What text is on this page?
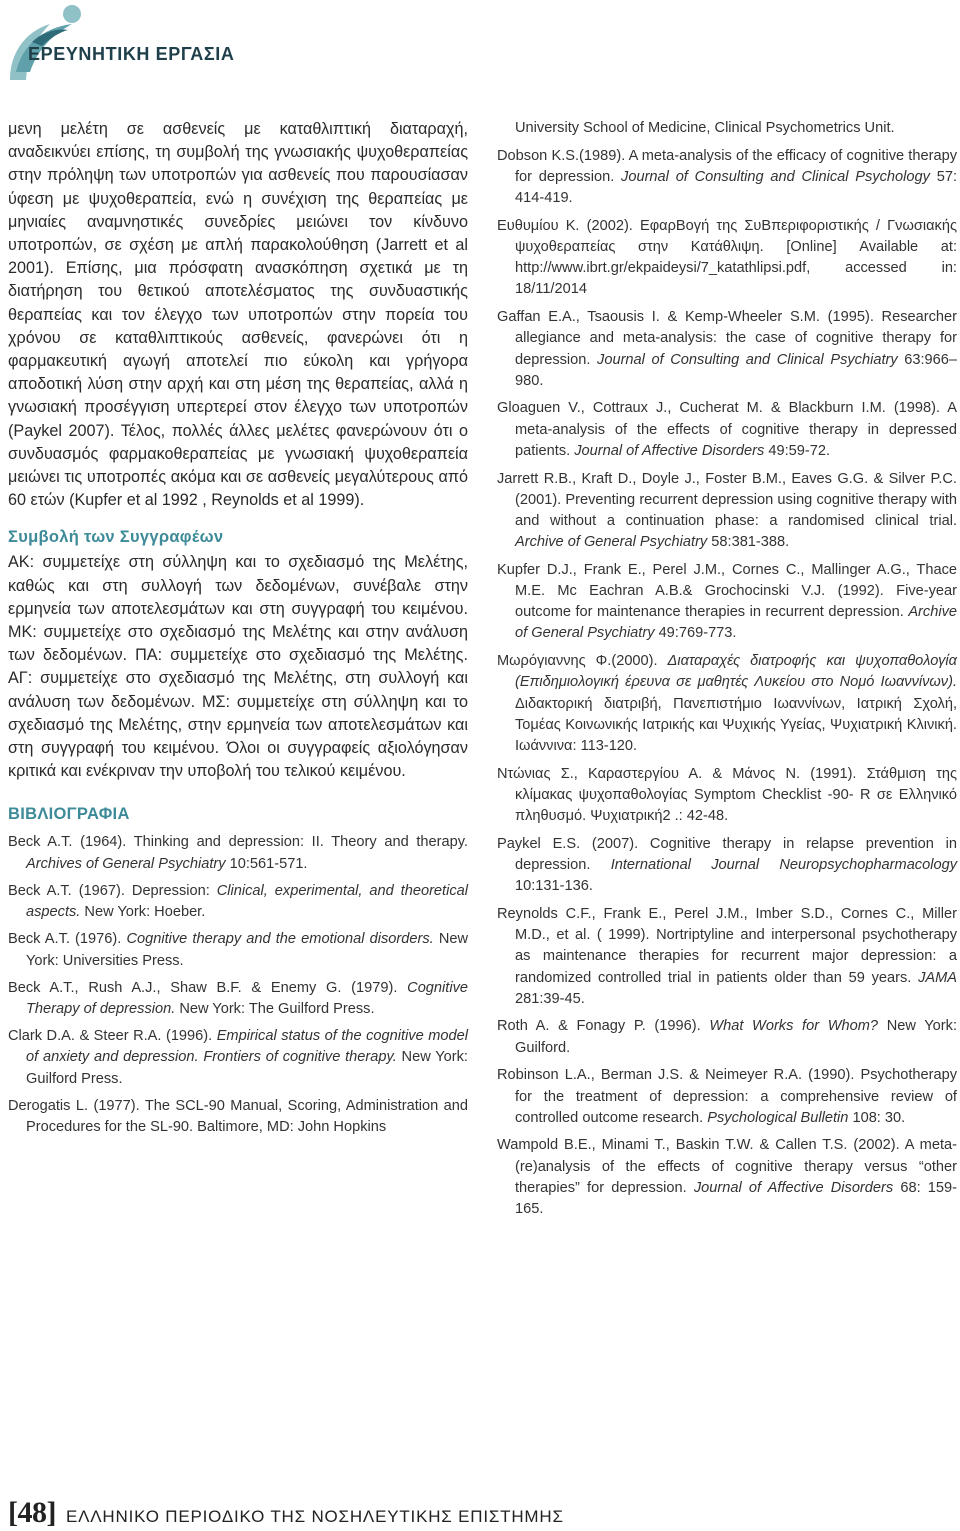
ΕΡΕΥΝΗΤΙΚΗ ΕΡΓΑΣΙΑ

μενη μελέτη σε ασθενείς με καταθλιπτική διαταραχή, αναδεικνύει επίσης, τη συμβολή της γνωσιακής ψυχοθεραπείας στην πρόληψη των υποτροπών για ασθενείς που παρουσίασαν ύφεση με ψυχοθεραπεία, ενώ η συνέχιση της θεραπείας με μηνιαίες αναμνηστικές συνεδρίες μειώνει τον κίνδυνο υποτροπών, σε σχέση με απλή παρακολούθηση (Jarrett et al 2001). Επίσης, μια πρόσφατη ανασκόπηση σχετικά με τη διατήρηση του θετικού αποτελέσματος της συνδυαστικής θεραπείας και τον έλεγχο των υποτροπών στην πορεία του χρόνου σε καταθλιπτικούς ασθενείς, φανερώνει ότι η φαρμακευτική αγωγή αποτελεί πιο εύκολη και γρήγορα αποδοτική λύση στην αρχή και στη μέση της θεραπείας, αλλά η γνωσιακή προσέγγιση υπερτερεί στον έλεγχο των υποτροπών (Paykel 2007). Τέλος, πολλές άλλες μελέτες φανερώνουν ότι ο συνδυασμός φαρμακοθεραπείας με γνωσιακή ψυχοθεραπεία μειώνει τις υποτροπές ακόμα και σε ασθενείς μεγαλύτερους από 60 ετών (Kupfer et al 1992 , Reynolds et al 1999).

Συμβολή των Συγγραφέων

ΑΚ: συμμετείχε στη σύλληψη και το σχεδιασμό της Μελέτης, καθώς και στη συλλογή των δεδομένων, συνέβαλε στην ερμηνεία των αποτελεσμάτων και στη συγγραφή του κειμένου. ΜΚ: συμμετείχε στο σχεδιασμό της Μελέτης και στην ανάλυση των δεδομένων. ΠΑ: συμμετείχε στο σχεδιασμό της Μελέτης. ΑΓ: συμμετείχε στο σχεδιασμό της Μελέτης, στη συλλογή και ανάλυση των δεδομένων. ΜΣ: συμμετείχε στη σύλληψη και το σχεδιασμό της Μελέτης, στην ερμηνεία των αποτελεσμάτων και στη συγγραφή του κειμένου. Όλοι οι συγγραφείς αξιολόγησαν κριτικά και ενέκριναν την υποβολή του τελικού κειμένου.

ΒΙΒΛΙΟΓΡΑΦΙΑ

Beck A.T. (1964). Thinking and depression: II. Theory and therapy. Archives of General Psychiatry 10:561-571.

Beck A.T. (1967). Depression: Clinical, experimental, and theoretical aspects. New York: Hoeber.

Beck A.T. (1976). Cognitive therapy and the emotional disorders. New York: Universities Press.

Beck A.T., Rush A.J., Shaw B.F. & Enemy G. (1979). Cognitive Therapy of depression. New York: The Guilford Press.

Clark D.A. & Steer R.A. (1996). Empirical status of the cognitive model of anxiety and depression. Frontiers of cognitive therapy. New York: Guilford Press.

Derogatis L. (1977). The SCL-90 Manual, Scoring, Administration and Procedures for the SL-90. Baltimore, MD: John Hopkins

University School of Medicine, Clinical Psychometrics Unit.

Dobson K.S.(1989). A meta-analysis of the efficacy of cognitive therapy for depression. Journal of Consulting and Clinical Psychology 57: 414-419.

Ευθυμίου Κ. (2002). ΕφαρΒογή της ΣυΒπεριφοριστικής / Γνωσιακής ψυχοθεραπείας στην Κατάθλιψη. [Online] Available at: http://www.ibrt.gr/ekpaideysi/7_katathlipsi.pdf, accessed in: 18/11/2014

Gaffan E.A., Tsaousis I. & Kemp-Wheeler S.M. (1995). Researcher allegiance and meta-analysis: the case of cognitive therapy for depression. Journal of Consulting and Clinical Psychiatry 63:966–980.

Gloaguen V., Cottraux J., Cucherat M. & Blackburn I.M. (1998). A meta-analysis of the effects of cognitive therapy in depressed patients. Journal of Affective Disorders 49:59-72.

Jarrett R.B., Kraft D., Doyle J., Foster B.M., Eaves G.G. & Silver P.C. (2001). Preventing recurrent depression using cognitive therapy with and without a continuation phase: a randomised clinical trial. Archive of General Psychiatry 58:381-388.

Kupfer D.J., Frank E., Perel J.M., Cornes C., Mallinger A.G., Thace M.E. Mc Eachran A.B.& Grochocinski V.J. (1992). Five-year outcome for maintenance therapies in recurrent depression. Archive of General Psychiatry 49:769-773.

Μωρόγιαννης Φ.(2000). Διαταραχές διατροφής και ψυχοπαθολογία (Επιδημιολογική έρευνα σε μαθητές Λυκείου στο Νομό Ιωαννίνων). Διδακτορική διατριβή, Πανεπιστήμιο Ιωαννίνων, Ιατρική Σχολή, Τομέας Κοινωνικής Ιατρικής και Ψυχικής Υγείας, Ψυχιατρική Κλινική. Ιωάννινα: 113-120.

Ντώνιας Σ., Καραστεργίου Α. & Μάνος Ν. (1991). Στάθμιση της κλίμακας ψυχοπαθολογίας Symptom Checklist -90- R σε Ελληνικό πληθυσμό. Ψυχιατρική2 .: 42-48.

Paykel E.S. (2007). Cognitive therapy in relapse prevention in depression. International Journal Neuropsychopharmacology 10:131-136.

Reynolds C.F., Frank E., Perel J.M., Imber S.D., Cornes C., Miller M.D., et al. ( 1999). Nortriptyline and interpersonal psychotherapy as maintenance therapies for recurrent major depression: a randomized controlled trial in patients older than 59 years. JAMA 281:39-45.

Roth A. & Fonagy P. (1996). What Works for Whom? New York: Guilford.

Robinson L.A., Berman J.S. & Neimeyer R.A. (1990). Psychotherapy for the treatment of depression: a comprehensive review of controlled outcome research. Psychological Bulletin 108: 30.

Wampold B.E., Minami T., Baskin T.W. & Callen T.S. (2002). A meta-(re)analysis of the effects of cognitive therapy versus “other therapies” for depression. Journal of Affective Disorders 68: 159-165.

[48] ΕΛΛΗΝΙΚΟ ΠΕΡΙΟΔΙΚΟ ΤΗΣ ΝΟΣΗΛΕΥΤΙΚΗΣ ΕΠΙΣΤΗΜΗΣ
